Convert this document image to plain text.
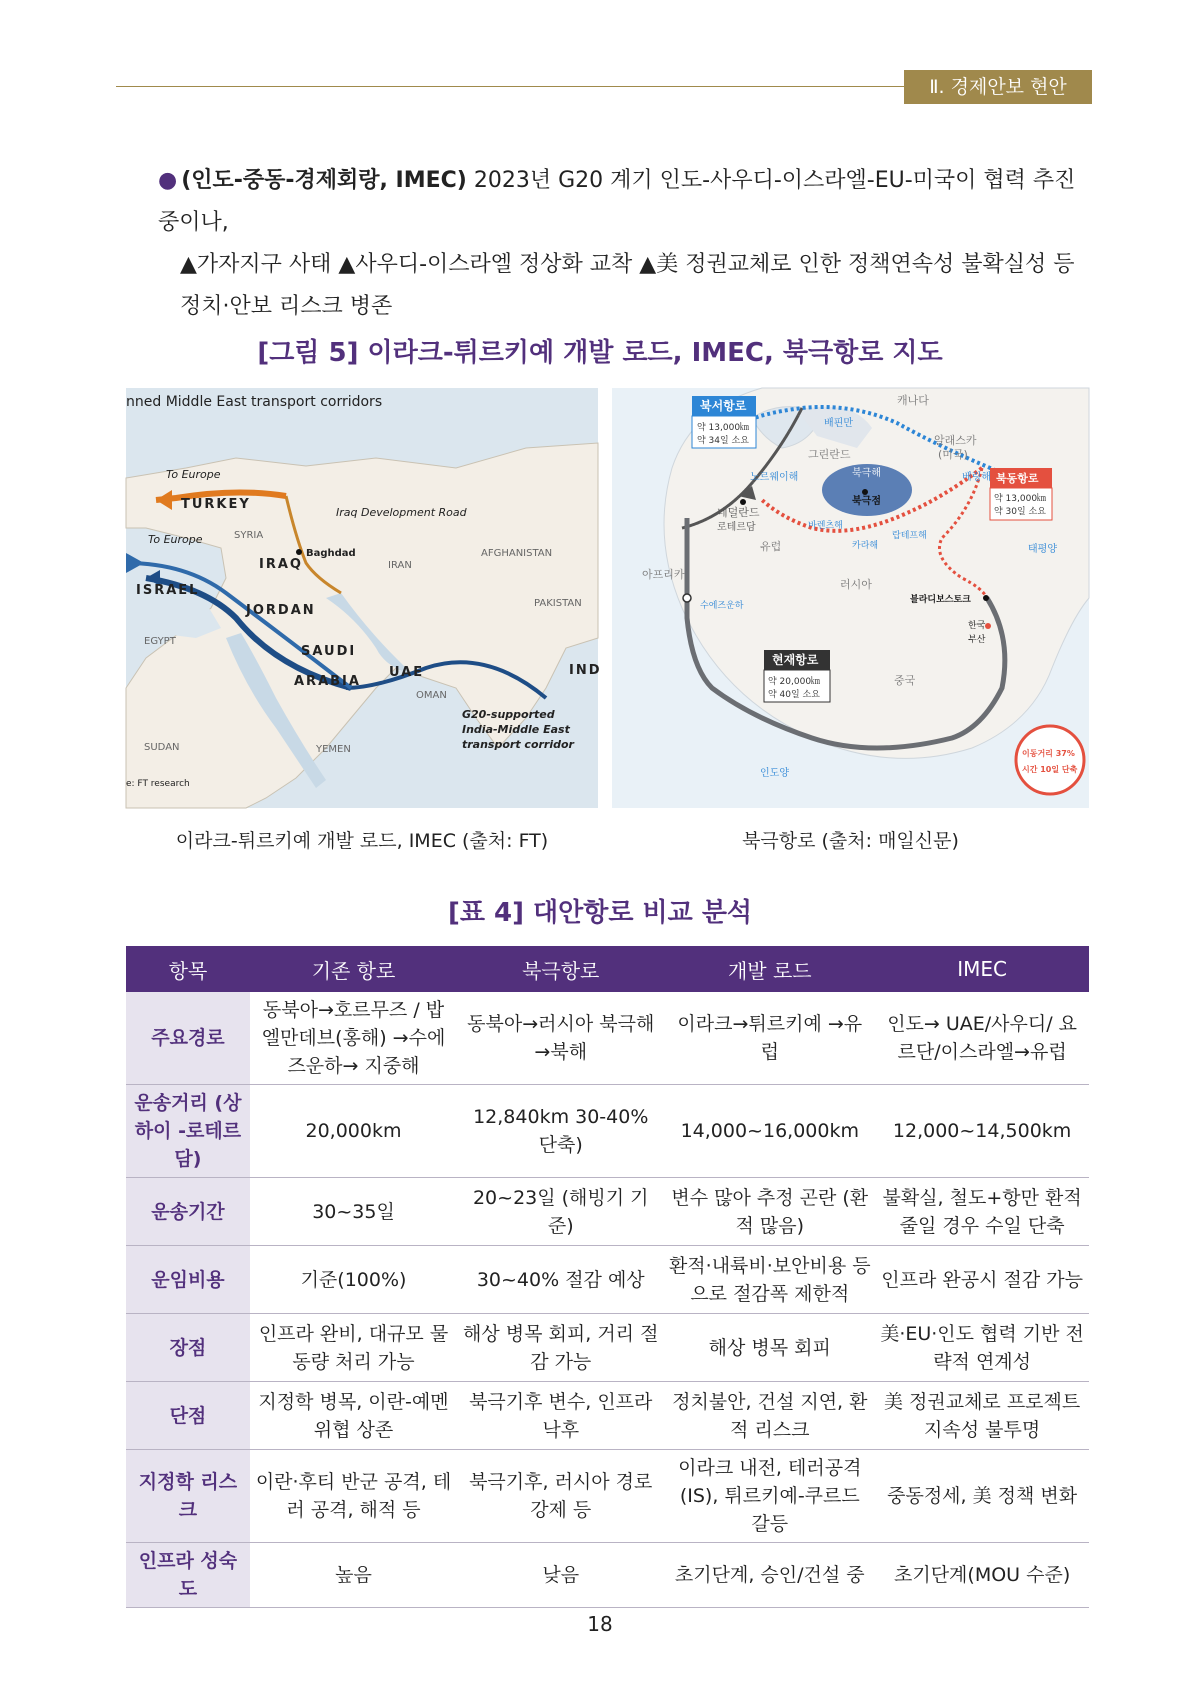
Ⅱ. 경제안보 현안
● (인도-중동-경제회랑, IMEC) 2023년 G20 계기 인도-사우디-이스라엘-EU-미국이 협력 추진 중이나,
▲가자지구 사태 ▲사우디-이스라엘 정상화 교착 ▲美 정권교체로 인한 정책연속성 불확실성 등
정치·안보 리스크 병존
[그림 5] 이라크-튀르키예 개발 로드, IMEC, 북극항로 지도
nned Middle East transport corridors
To Europe
TURKEY
Iraq Development Road
To Europe	SYRIA
IRAQ
Baghdad
IRAN
AFGHANISTAN
ISRAEL
JORDAN	PAKISTAN
EGYPT
SAUDI
ARABIA
UAE	IND
OMAN
G20-supported
India-Middle East
transport corridor
SUDAN	YEMEN
e: FT research
북서항로
약 13,000㎞
약 34일 소요
캐나다
배핀만
그린란드
알래스카
(미국)
노르웨이해	북극해
북극점
베링해 북동항로
약 13,000㎞
약 30일 소요
네덜란드
로테르담
유럽
바렌츠해
랍테프해
카라해	태평양
아프리카
러시아
수에즈운하
블라디보스토크
한국
부산
현재항로
약 20,000㎞
약 40일 소요
중국
인도양
이동거리 37%
시간 10일 단축
이라크-튀르키예 개발 로드, IMEC (출처: FT)	북극항로 (출처: 매일신문)
[표 4] 대안항로 비교 분석
항목	기존 항로	북극항로	개발 로드	IMEC
주요경로	동북아→호르무즈 / 밥엘만데브(홍해) →수에즈운하→ 지중해	동북아→러시아 북극해 →북해	이라크→튀르키예 →유럽	인도→ UAE/사우디/ 요르단/이스라엘→유럽
운송거리 (상하이 -로테르담)	20,000km	12,840km 30-40% 단축)	14,000~16,000km	12,000~14,500km
운송기간	30~35일	20~23일 (해빙기 기준)	변수 많아 추정 곤란 (환적 많음)	불확실, 철도+항만 환적 줄일 경우 수일 단축
운임비용	기준(100%)	30~40% 절감 예상	환적·내륙비·보안비용 등 으로 절감폭 제한적	인프라 완공시 절감 가능
장점	인프라 완비, 대규모 물동량 처리 가능	해상 병목 회피, 거리 절감 가능	해상 병목 회피	美·EU·인도 협력 기반 전략적 연계성
단점	지정학 병목, 이란-예멘 위협 상존	북극기후 변수, 인프라 낙후	정치불안, 건설 지연, 환적 리스크	美 정권교체로 프로젝트 지속성 불투명
지정학 리스크	이란·후티 반군 공격, 테러 공격, 해적 등	북극기후, 러시아 경로 강제 등	이라크 내전, 테러공격 (IS), 튀르키예-쿠르드 갈등	중동정세, 美 정책 변화
인프라 성숙도	높음	낮음	초기단계, 승인/건설 중	초기단계(MOU 수준)
18
